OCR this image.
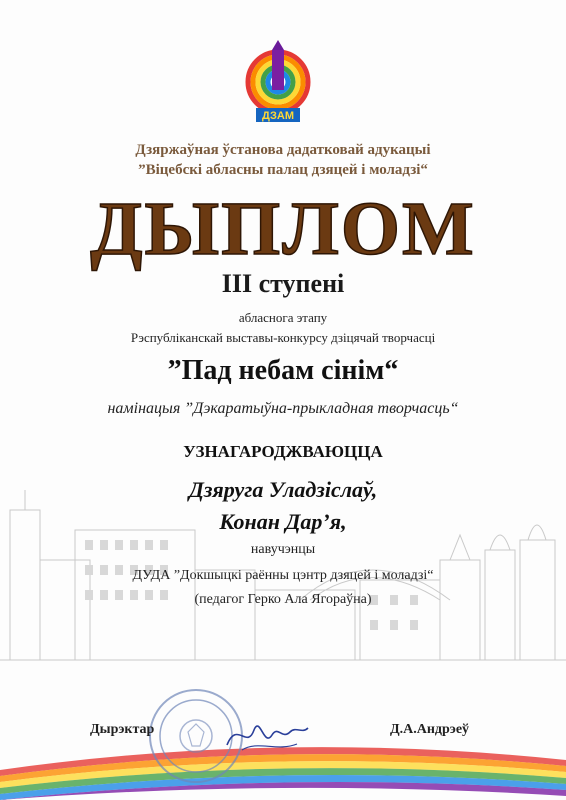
ДЗАМ
Дзяржаўная ўстанова дадатковай адукацыі
”Віцебскі абласны палац дзяцей і моладзі“
ДЫПЛОМ
ІІІ ступені
абласнога этапу
Рэспубліканскай выставы-конкурсу дзіцячай творчасці
”Пад небам сінім“
намінацыя ”Дэкаратыўна-прыкладная творчасць“
УЗНАГАРОДЖВАЮЦЦА
Дзяруга Уладзіслаў,
Конан Дар’я,
навучэнцы
ДУДА ”Докшыцкі раённы цэнтр дзяцей і моладзі“
(педагог Герко Ала Ягораўна)
Дырэктар	Д.А.Андрэеў
